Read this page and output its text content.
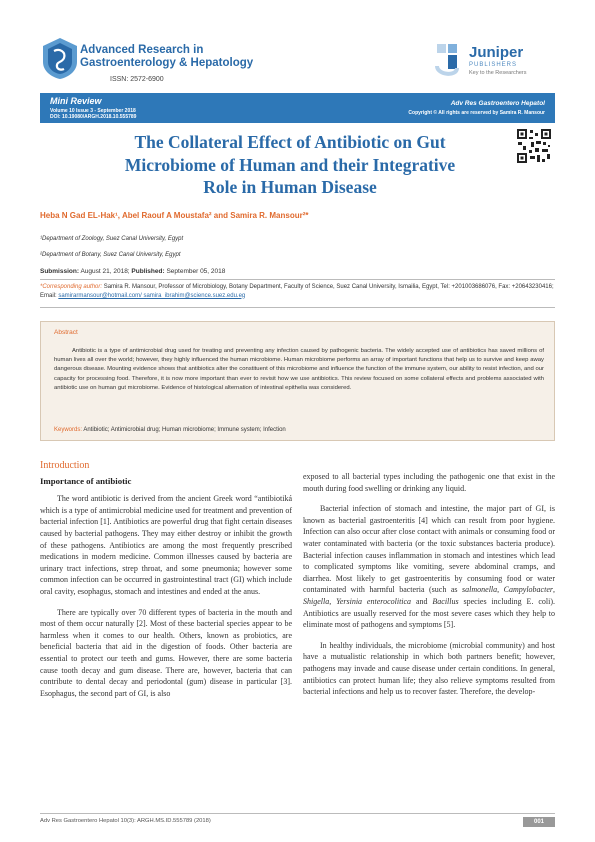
Advanced Research in
Gastroenterology & Hepatology
ISSN: 2572-6900
Juniper
PUBLISHERS
Key to the Researchers
Mini Review
Volume 10 Issue 3 - September 2018
DOI: 10.19080/ARGH.2018.10.555789
Adv Res Gastroentero Hepatol
Copyright © All rights are reserved by Samira R. Mansour
The Collateral Effect of Antibiotic on Gut
Microbiome of Human and their Integrative
Role in Human Disease
Heba N Gad EL-Hak¹, Abel Raouf A Moustafa² and Samira R. Mansour²*
¹Department of Zoology, Suez Canal University, Egypt
²Department of Botany, Suez Canal University, Egypt
Submission: August 21, 2018; Published: September 05, 2018
*Corresponding author: Samira R. Mansour, Professor of Microbiology, Botany Department, Faculty of Science, Suez Canal University, Ismailia, Egypt, Tel: +201003686076, Fax: +20643230416; Email: samirarmansour@hotmail.com/ samira_ibrahim@science.suez.edu.eg
Abstract
Antibiotic is a type of antimicrobial drug used for treating and preventing any infection caused by pathogenic bacteria. The widely accepted use of antibiotics has saved millions of human lives all over the world; however, they highly influenced the human microbiome. Human microbiome performs an array of important functions that help us to survive and keep away dangerous disease. Mounting evidence shows that antibiotics alter the constituent of this microbiome and influence the function of the immune system, our ability to resist infection, and our capacity for processing food. Therefore, it is now more important than ever to revisit how we use antibiotics. This review focused on some collateral effects and problems associated with antibiotic use on human gut microbiome. Evidence of histological alternation of intestinal epithelia was considered.
Keywords: Antibiotic; Antimicrobial drug; Human microbiome; Immune system; Infection
Introduction
Importance of antibiotic

The word antibiotic is derived from the ancient Greek word “antibiotiká which is a type of antimicrobial medicine used for treatment and prevention of bacterial infection [1]. Antibiotics are powerful drug that fight certain diseases caused by bacterial pathogens. They may either destroy or inhibit the growth of these pathogens. Antibiotics are among the most frequently prescribed medications in modern medicine. Common illnesses caused by bacteria are urinary tract infections, strep throat, and some pneumonia; however some common infection can be occurred in gastrointestinal tract (GI) which include oral cavity, esophagus, stomach and intestines and ended at the anus.

There are typically over 70 different types of bacteria in the mouth and most of them occur naturally [2]. Most of these bacterial species appear to be harmless when it comes to our health. Others, known as probiotics, are beneficial bacteria that aid in the digestion of foods. Other bacteria are essential to protect our teeth and gums. However, there are some bacteria cause tooth decay and gum disease. There are, however, bacteria that can contribute to dental decay and periodontal (gum) disease in particular [3]. Esophagus, the second part of GI, is also

exposed to all bacterial types including the pathogenic one that exist in the mouth during food swelling or drinking any liquid.

Bacterial infection of stomach and intestine, the major part of GI, is known as bacterial gastroenteritis [4] which can result from poor hygiene. Infection can also occur after close contact with animals or consuming food or water contaminated with bacteria (or the toxic substances bacteria produce). Bacterial infection causes inflammation in stomach and intestines which lead to complicated symptoms like vomiting, severe abdominal cramps, and diarrhea. Most likely to get gastroenteritis by consuming food or water contaminated with harmful bacteria (such as salmonella, Campylobacter, Shigella, Yersinia enterocolitica and Bacillus species including E. coli). Antibiotics are usually reserved for the most severe cases which they help to eliminate most of pathogens and symptoms [5].

In healthy individuals, the microbiome (microbial community) and host have a mutualistic relationship in which both partners benefit; however, pathogens may invade and cause disease under certain conditions. In general, antibiotics can protect human life; they also relieve symptoms resulted from bacterial infections and help us to recover faster. Therefore, the develop-

Adv Res Gastroentero Hepatol 10(3): ARGH.MS.ID.555789 (2018)	001
